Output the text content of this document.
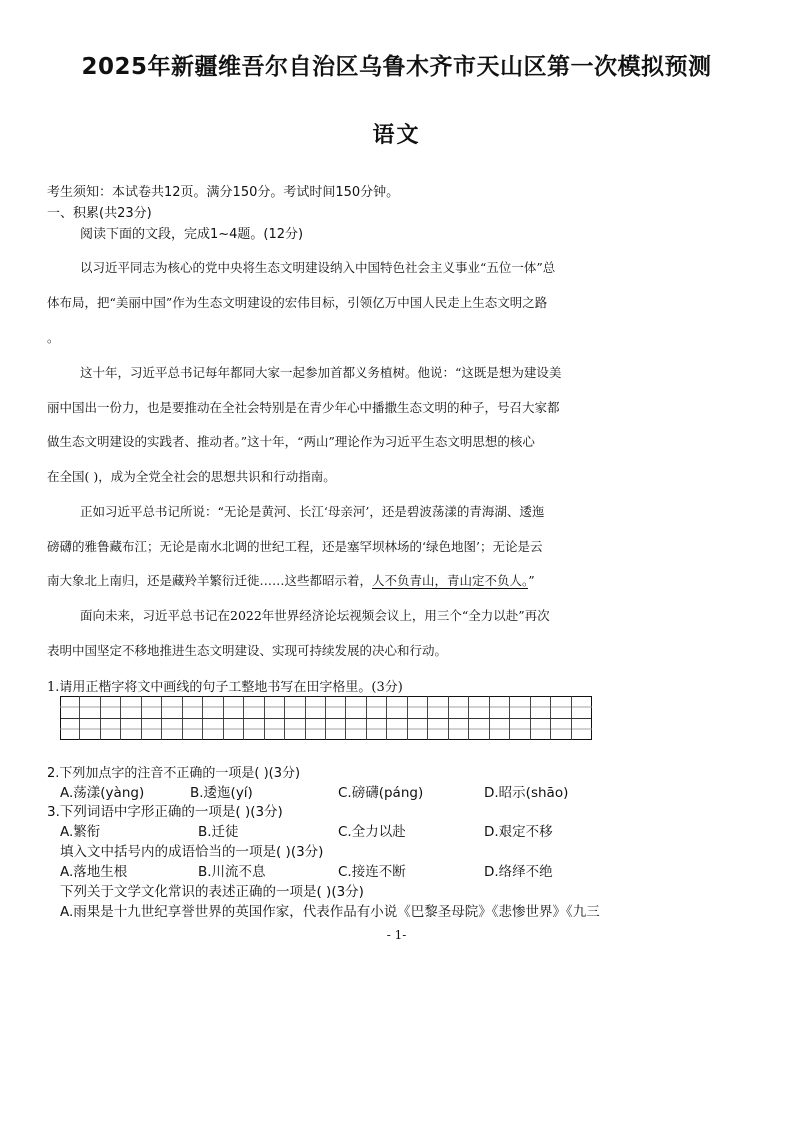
2025年新疆维吾尔自治区乌鲁木齐市天山区第一次模拟预测
语文
考生须知：本试卷共12页。满分150分。考试时间150分钟。
一、积累(共23分)
阅读下面的文段，完成1~4题。(12分)
以习近平同志为核心的党中央将生态文明建设纳入中国特色社会主义事业“五位一体”总
体布局，把“美丽中国”作为生态文明建设的宏伟目标，引领亿万中国人民走上生态文明之路
。
这十年，习近平总书记每年都同大家一起参加首都义务植树。他说：“这既是想为建设美
丽中国出一份力，也是要推动在全社会特别是在青少年心中播撒生态文明的种子，号召大家都
做生态文明建设的实践者、推动者。”这十年，“两山”理论作为习近平生态文明思想的核心
在全国( )，成为全党全社会的思想共识和行动指南。
正如习近平总书记所说：“无论是黄河、长江‘母亲河’，还是碧波荡漾的青海湖、逶迤
磅礴的雅鲁藏布江；无论是南水北调的世纪工程，还是塞罕坝林场的‘绿色地图’；无论是云
南大象北上南归，还是藏羚羊繁衍迁徙……这些都昭示着，人不负青山，青山定不负人。”
面向未来，习近平总书记在2022年世界经济论坛视频会议上，用三个“全力以赴”再次
表明中国坚定不移地推进生态文明建设、实现可持续发展的决心和行动。
1.请用正楷字将文中画线的句子工整地书写在田字格里。(3分)
2.下列加点字的注音不正确的一项是( )(3分)
A.荡漾(yàng)	B.逶迤(yí)	C.磅礴(páng)	D.昭示(shāo)
3.下列词语中字形正确的一项是( )(3分)
A.繁衔	B.迁徒	C.全力以赴	D.艰定不移
填入文中括号内的成语恰当的一项是( )(3分)
A.落地生根	B.川流不息	C.接连不断	D.络绎不绝
下列关于文学文化常识的表述正确的一项是( )(3分)
A.雨果是十九世纪享誉世界的英国作家，代表作品有小说《巴黎圣母院》《悲惨世界》《九三
- 1-
